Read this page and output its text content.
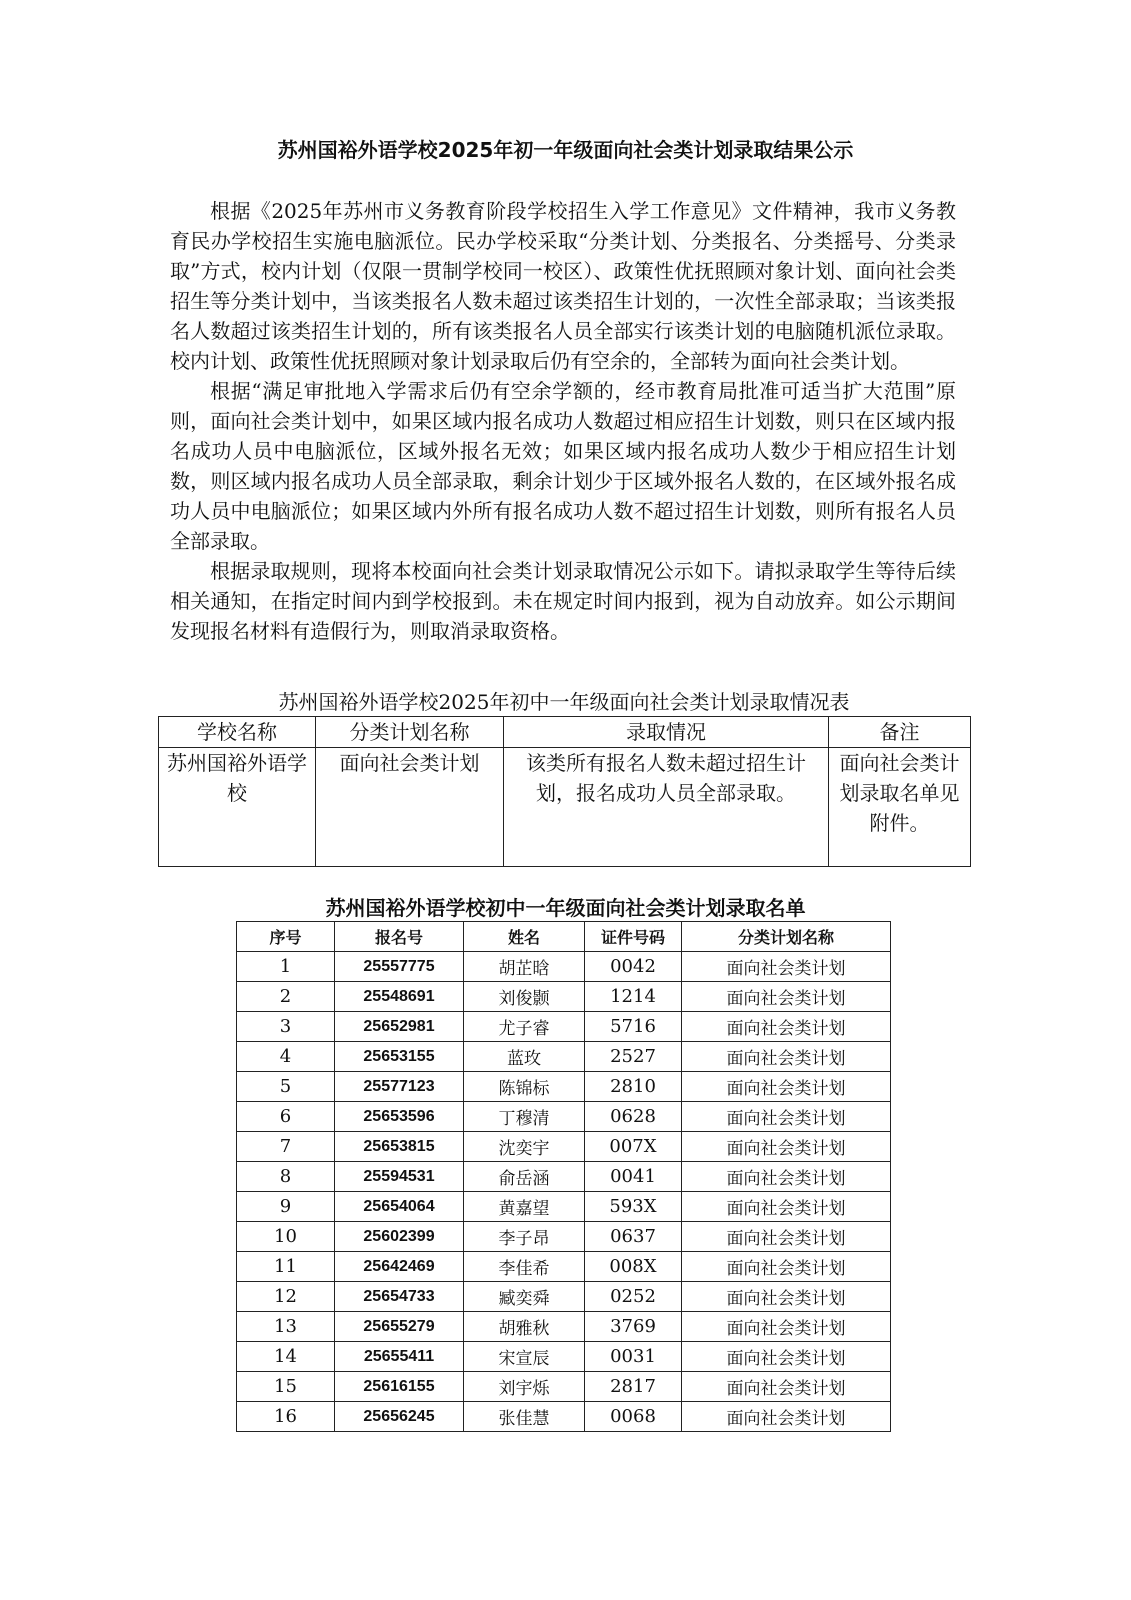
苏州国裕外语学校2025年初一年级面向社会类计划录取结果公示

根据《2025年苏州市义务教育阶段学校招生入学工作意见》文件精神，我市义务教育民办学校招生实施电脑派位。民办学校采取“分类计划、分类报名、分类摇号、分类录取”方式，校内计划（仅限一贯制学校同一校区）、政策性优抚照顾对象计划、面向社会类招生等分类计划中，当该类报名人数未超过该类招生计划的，一次性全部录取；当该类报名人数超过该类招生计划的，所有该类报名人员全部实行该类计划的电脑随机派位录取。校内计划、政策性优抚照顾对象计划录取后仍有空余的，全部转为面向社会类计划。

根据“满足审批地入学需求后仍有空余学额的，经市教育局批准可适当扩大范围”原则，面向社会类计划中，如果区域内报名成功人数超过相应招生计划数，则只在区域内报名成功人员中电脑派位，区域外报名无效；如果区域内报名成功人数少于相应招生计划数，则区域内报名成功人员全部录取，剩余计划少于区域外报名人数的，在区域外报名成功人员中电脑派位；如果区域内外所有报名成功人数不超过招生计划数，则所有报名人员全部录取。

根据录取规则，现将本校面向社会类计划录取情况公示如下。请拟录取学生等待后续相关通知，在指定时间内到学校报到。未在规定时间内报到，视为自动放弃。如公示期间发现报名材料有造假行为，则取消录取资格。

苏州国裕外语学校2025年初中一年级面向社会类计划录取情况表
学校名称	分类计划名称	录取情况	备注
苏州国裕外语学校	面向社会类计划	该类所有报名人数未超过招生计划，报名成功人员全部录取。	面向社会类计划录取名单见附件。
苏州国裕外语学校初中一年级面向社会类计划录取名单
序号	报名号	姓名	证件号码	分类计划名称
1	25557775	胡芷晗	0042	面向社会类计划
2	25548691	刘俊颢	1214	面向社会类计划
3	25652981	尤子睿	5716	面向社会类计划
4	25653155	蓝玫	2527	面向社会类计划
5	25577123	陈锦标	2810	面向社会类计划
6	25653596	丁穆清	0628	面向社会类计划
7	25653815	沈奕宇	007X	面向社会类计划
8	25594531	俞岳涵	0041	面向社会类计划
9	25654064	黄嘉望	593X	面向社会类计划
10	25602399	李子昂	0637	面向社会类计划
11	25642469	李佳希	008X	面向社会类计划
12	25654733	臧奕舜	0252	面向社会类计划
13	25655279	胡雅秋	3769	面向社会类计划
14	25655411	宋宣辰	0031	面向社会类计划
15	25616155	刘宇烁	2817	面向社会类计划
16	25656245	张佳慧	0068	面向社会类计划
